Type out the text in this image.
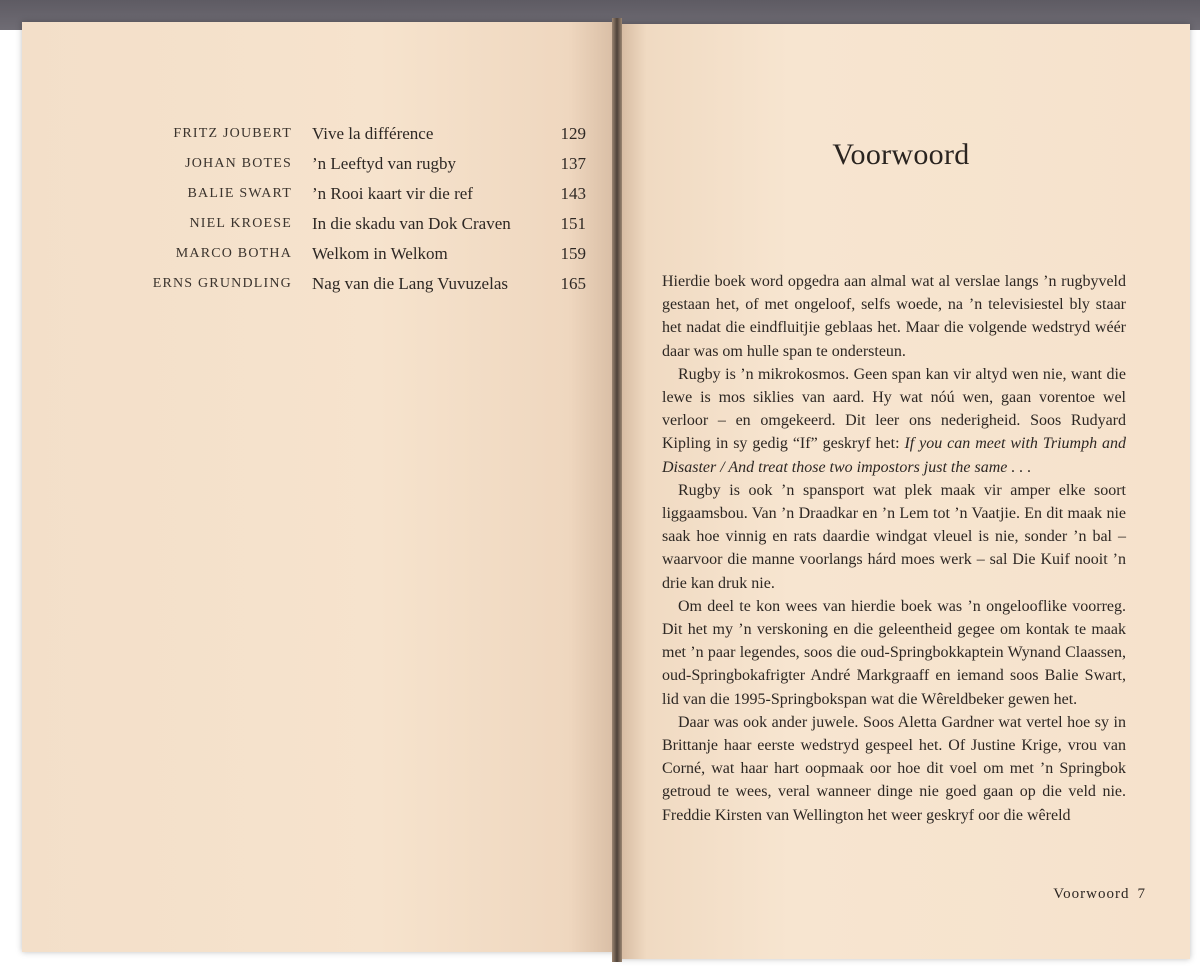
FRITZ JOUBERT Vive la différence	129
JOHAN BOTES ’n Leeftyd van rugby	137
BALIE SWART ’n Rooi kaart vir die ref	143
NIEL KROESE In die skadu van Dok Craven	151
MARCO BOTHA Welkom in Welkom	159
ERNS GRUNDLING Nag van die Lang Vuvuzelas	165
Voorwoord

Hierdie boek word opgedra aan almal wat al verslae langs ’n rugbyveld gestaan het, of met ongeloof, selfs woede, na ’n televisiestel bly staar het nadat die eindfluitjie geblaas het. Maar die volgende wedstryd wéér daar was om hulle span te ondersteun.

Rugby is ’n mikrokosmos. Geen span kan vir altyd wen nie, want die lewe is mos siklies van aard. Hy wat nóú wen, gaan vorentoe wel verloor – en omgekeerd. Dit leer ons nederigheid. Soos Rudyard Kipling in sy gedig “If” geskryf het: If you can meet with Triumph and Disaster / And treat those two impostors just the same . . .

Rugby is ook ’n spansport wat plek maak vir amper elke soort liggaamsbou. Van ’n Draadkar en ’n Lem tot ’n Vaatjie. En dit maak nie saak hoe vinnig en rats daardie windgat vleuel is nie, sonder ’n bal – waarvoor die manne voorlangs hárd moes werk – sal Die Kuif nooit ’n drie kan druk nie.

Om deel te kon wees van hierdie boek was ’n ongelooflike voorreg. Dit het my ’n verskoning en die geleentheid gegee om kontak te maak met ’n paar legendes, soos die oud-Springbokkaptein Wynand Claassen, oud-Springbokafrigter André Markgraaff en iemand soos Balie Swart, lid van die 1995-Springbokspan wat die Wêreldbeker gewen het.

Daar was ook ander juwele. Soos Aletta Gardner wat vertel hoe sy in Brittanje haar eerste wedstryd gespeel het. Of Justine Krige, vrou van Corné, wat haar hart oopmaak oor hoe dit voel om met ’n Springbok getroud te wees, veral wanneer dinge nie goed gaan op die veld nie. Freddie Kirsten van Wellington het weer geskryf oor die wêreld

Voorwoord 7
